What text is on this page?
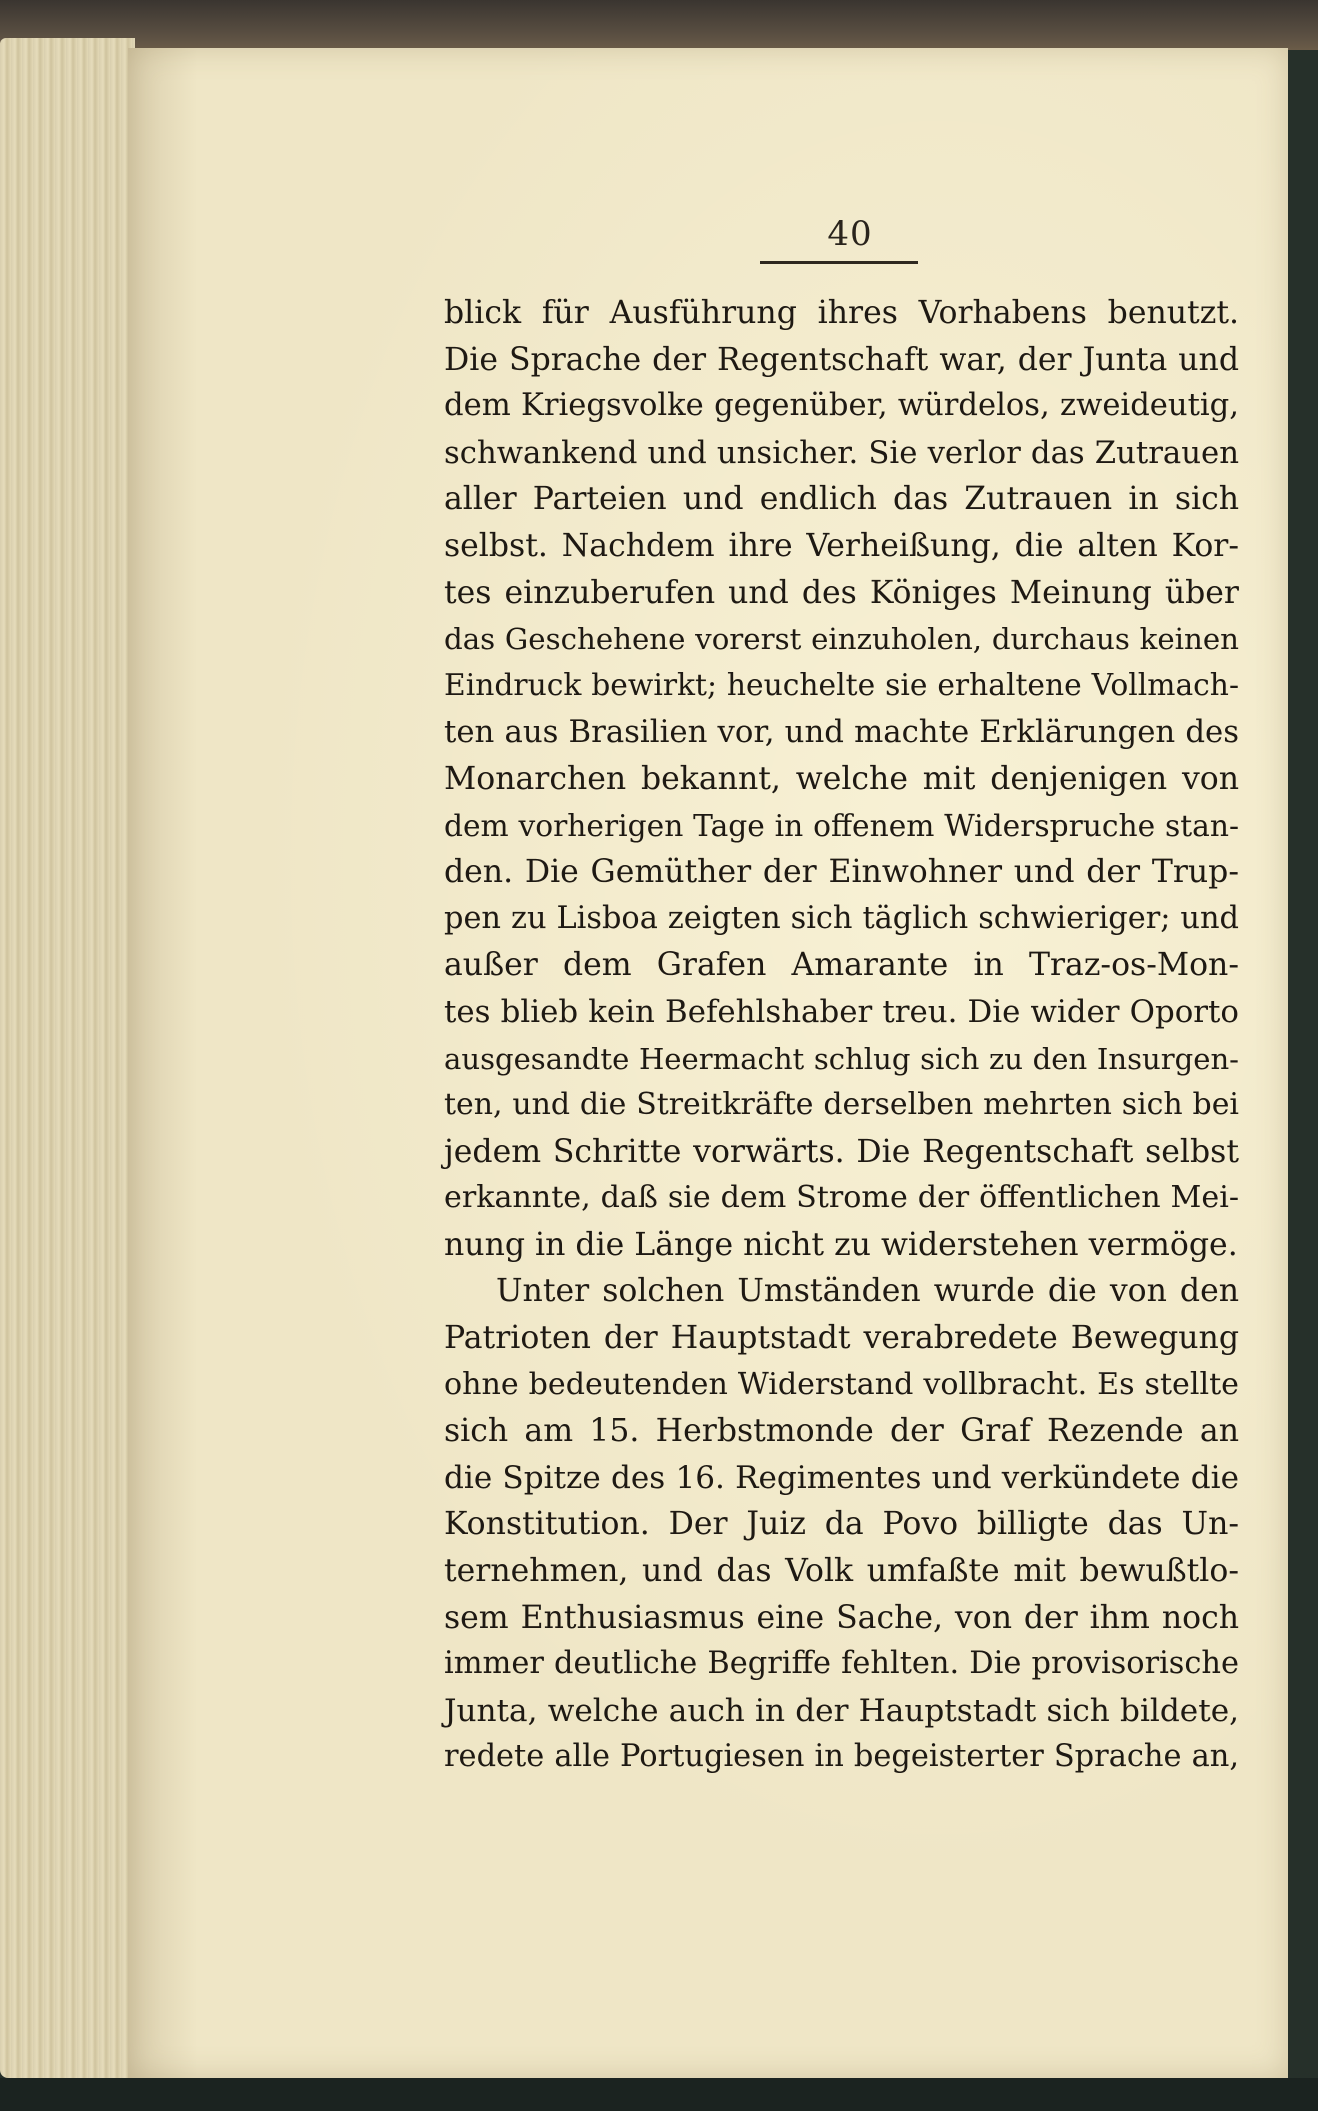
40
blick für Ausführung ihres Vorhabens benutzt.
Die Sprache der Regentschaft war, der Junta und
dem Kriegsvolke gegenüber, würdelos, zweideutig,
schwankend und unsicher. Sie verlor das Zutrauen
aller Parteien und endlich das Zutrauen in sich
selbst. Nachdem ihre Verheißung, die alten Kor-
tes einzuberufen und des Königes Meinung über
das Geschehene vorerst einzuholen, durchaus keinen
Eindruck bewirkt; heuchelte sie erhaltene Vollmach-
ten aus Brasilien vor, und machte Erklärungen des
Monarchen bekannt, welche mit denjenigen von
dem vorherigen Tage in offenem Widerspruche stan-
den. Die Gemüther der Einwohner und der Trup-
pen zu Lisboa zeigten sich täglich schwieriger; und
außer dem Grafen Amarante in Traz-os-Mon-
tes blieb kein Befehlshaber treu. Die wider Oporto
ausgesandte Heermacht schlug sich zu den Insurgen-
ten, und die Streitkräfte derselben mehrten sich bei
jedem Schritte vorwärts. Die Regentschaft selbst
erkannte, daß sie dem Strome der öffentlichen Mei-
nung in die Länge nicht zu widerstehen vermöge.
Unter solchen Umständen wurde die von den
Patrioten der Hauptstadt verabredete Bewegung
ohne bedeutenden Widerstand vollbracht. Es stellte
sich am 15. Herbstmonde der Graf Rezende an
die Spitze des 16. Regimentes und verkündete die
Konstitution. Der Juiz da Povo billigte das Un-
ternehmen, und das Volk umfaßte mit bewußtlo-
sem Enthusiasmus eine Sache, von der ihm noch
immer deutliche Begriffe fehlten. Die provisorische
Junta, welche auch in der Hauptstadt sich bildete,
redete alle Portugiesen in begeisterter Sprache an,
